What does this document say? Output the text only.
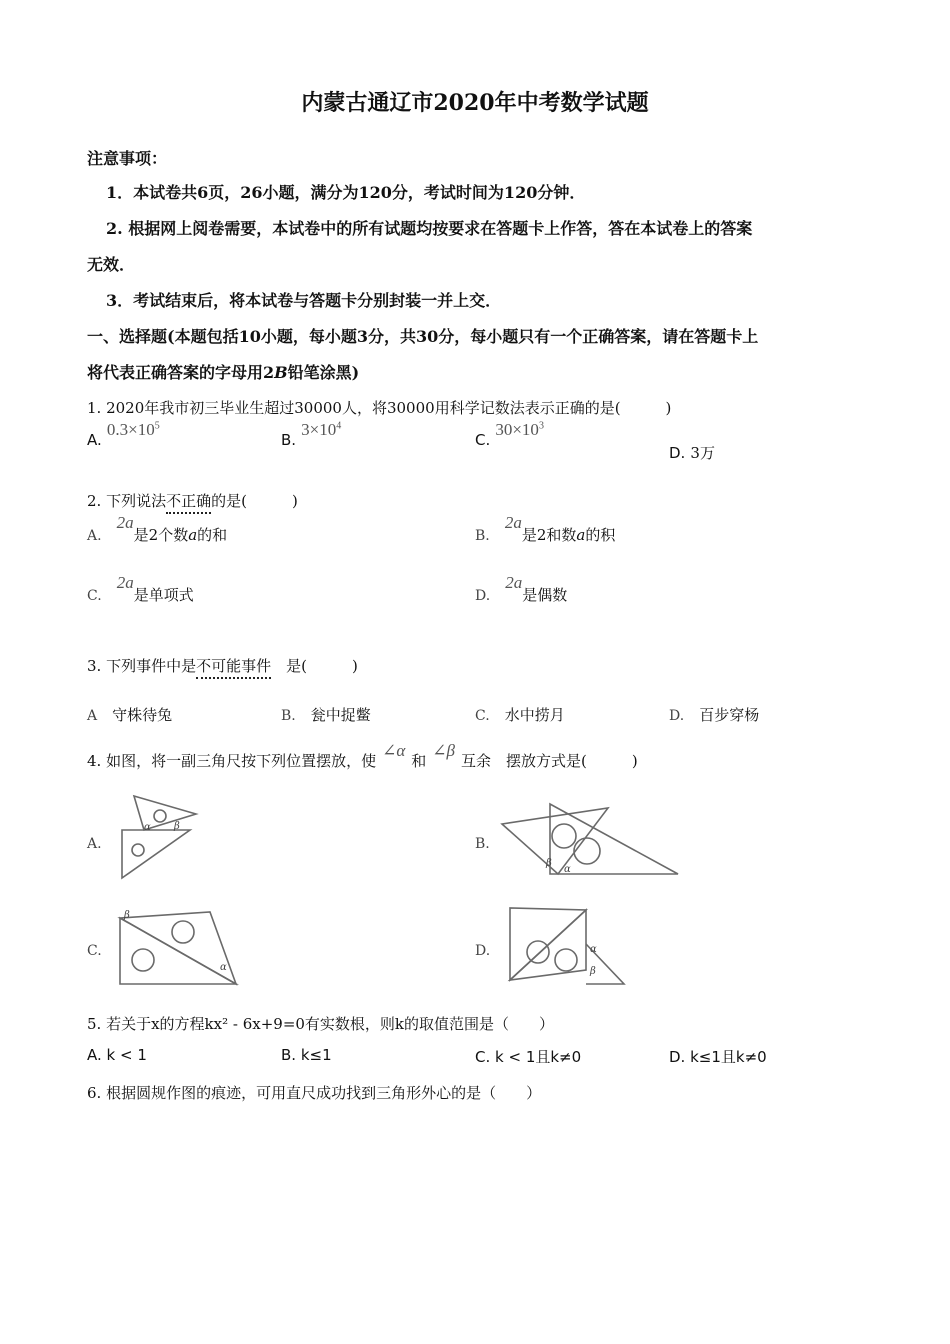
内蒙古通辽市2020年中考数学试题
注意事项：
1．本试卷共6页，26小题，满分为120分，考试时间为120分钟．
2. 根据网上阅卷需要，本试卷中的所有试题均按要求在答题卡上作答，答在本试卷上的答案
无效．
3．考试结束后，将本试卷与答题卡分别封装一并上交．
一、选择题(本题包括10小题，每小题3分，共30分，每小题只有一个正确答案，请在答题卡上
将代表正确答案的字母用2B铅笔涂黑)
1. 2020年我市初三毕业生超过30000人，将30000用科学记数法表示正确的是(　　　)
A. $0.3\times 10^5$
B. $3\times 10^4$
C. $30\times 10^3$
D. 3万
2. 下列说法不正确的是(　　　)
A. 2a是2个数a的和	B. 2a是2和数a的积
C. 2a是单项式	D. 2a是偶数
3. 下列事件中是不可能事件　是(　　　)
A　 守株待兔	B.　 瓮中捉鳖	C.　 水中捞月	D.　 百步穿杨
4. 如图，将一副三角尺按下列位置摆放，使∠α和∠β互余　摆放方式是(　　　)
A.
α β
B.
β
α
C.
β
α
D.	α
β
5. 若关于x的方程kx² - 6x+9=0有实数根，则k的取值范围是（　　）
A. k < 1	B. k≤1	C. k < 1且k≠0	D. k≤1且k≠0
6. 根据圆规作图的痕迹，可用直尺成功找到三角形外心的是（　　）
